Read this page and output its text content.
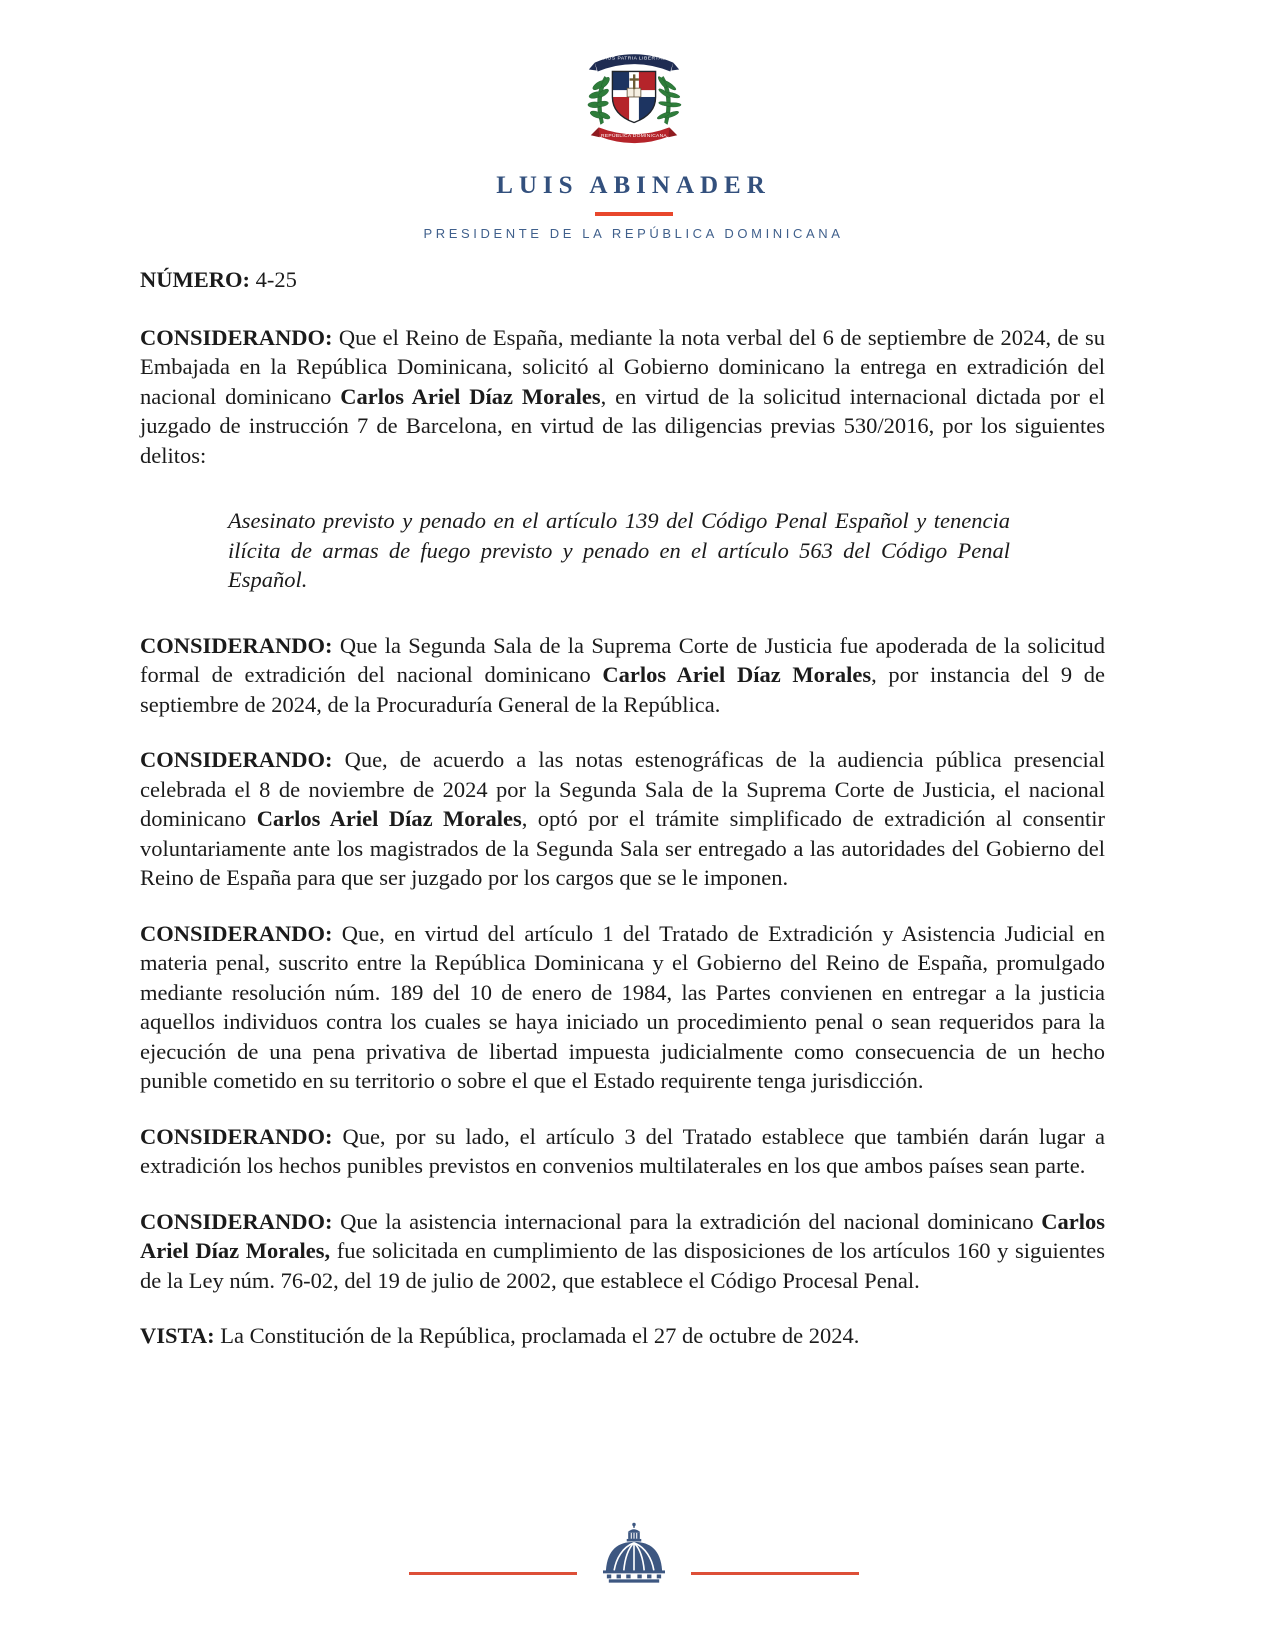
DIOS PATRIA LIBERTAD
REPÚBLICA DOMINICANA
LUIS ABINADER
PRESIDENTE DE LA REPÚBLICA DOMINICANA

NÚMERO: 4-25

CONSIDERANDO: Que el Reino de España, mediante la nota verbal del 6 de septiembre de 2024, de su Embajada en la República Dominicana, solicitó al Gobierno dominicano la entrega en extradición del nacional dominicano Carlos Ariel Díaz Morales, en virtud de la solicitud internacional dictada por el juzgado de instrucción 7 de Barcelona, en virtud de las diligencias previas 530/2016, por los siguientes delitos:

Asesinato previsto y penado en el artículo 139 del Código Penal Español y tenencia ilícita de armas de fuego previsto y penado en el artículo 563 del Código Penal Español.

CONSIDERANDO: Que la Segunda Sala de la Suprema Corte de Justicia fue apoderada de la solicitud formal de extradición del nacional dominicano Carlos Ariel Díaz Morales, por instancia del 9 de septiembre de 2024, de la Procuraduría General de la República.

CONSIDERANDO: Que, de acuerdo a las notas estenográficas de la audiencia pública presencial celebrada el 8 de noviembre de 2024 por la Segunda Sala de la Suprema Corte de Justicia, el nacional dominicano Carlos Ariel Díaz Morales, optó por el trámite simplificado de extradición al consentir voluntariamente ante los magistrados de la Segunda Sala ser entregado a las autoridades del Gobierno del Reino de España para que ser juzgado por los cargos que se le imponen.

CONSIDERANDO: Que, en virtud del artículo 1 del Tratado de Extradición y Asistencia Judicial en materia penal, suscrito entre la República Dominicana y el Gobierno del Reino de España, promulgado mediante resolución núm. 189 del 10 de enero de 1984, las Partes convienen en entregar a la justicia aquellos individuos contra los cuales se haya iniciado un procedimiento penal o sean requeridos para la ejecución de una pena privativa de libertad impuesta judicialmente como consecuencia de un hecho punible cometido en su territorio o sobre el que el Estado requirente tenga jurisdicción.

CONSIDERANDO: Que, por su lado, el artículo 3 del Tratado establece que también darán lugar a extradición los hechos punibles previstos en convenios multilaterales en los que ambos países sean parte.

CONSIDERANDO: Que la asistencia internacional para la extradición del nacional dominicano Carlos Ariel Díaz Morales, fue solicitada en cumplimiento de las disposiciones de los artículos 160 y siguientes de la Ley núm. 76-02, del 19 de julio de 2002, que establece el Código Procesal Penal.

VISTA: La Constitución de la República, proclamada el 27 de octubre de 2024.
